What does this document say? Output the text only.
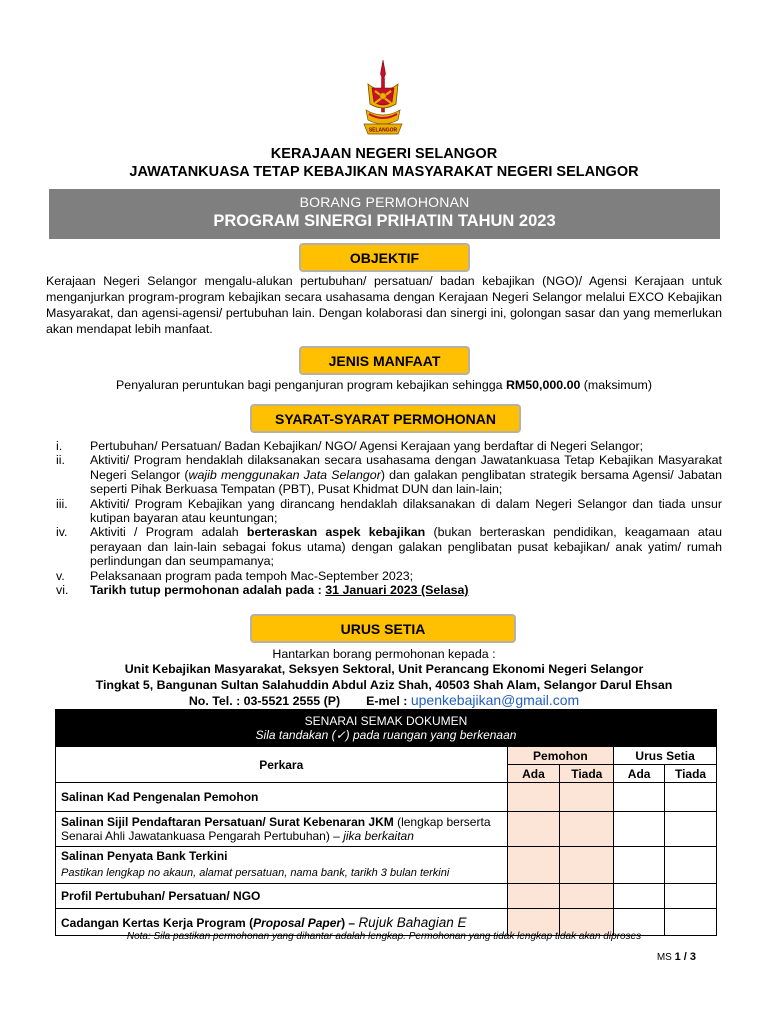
SELANGOR
KERAJAAN NEGERI SELANGOR
JAWATANKUASA TETAP KEBAJIKAN MASYARAKAT NEGERI SELANGOR
BORANG PERMOHONAN
PROGRAM SINERGI PRIHATIN TAHUN 2023
OBJEKTIF
Kerajaan Negeri Selangor mengalu-alukan pertubuhan/ persatuan/ badan kebajikan (NGO)/ Agensi Kerajaan untuk menganjurkan program-program kebajikan secara usahasama dengan Kerajaan Negeri Selangor melalui EXCO Kebajikan Masyarakat, dan agensi-agensi/ pertubuhan lain. Dengan kolaborasi dan sinergi ini, golongan sasar dan yang memerlukan akan mendapat lebih manfaat.
JENIS MANFAAT
Penyaluran peruntukan bagi penganjuran program kebajikan sehingga RM50,000.00 (maksimum)
SYARAT-SYARAT PERMOHONAN
i.	Pertubuhan/ Persatuan/ Badan Kebajikan/ NGO/ Agensi Kerajaan yang berdaftar di Negeri Selangor;
ii.	Aktiviti/ Program hendaklah dilaksanakan secara usahasama dengan Jawatankuasa Tetap Kebajikan Masyarakat Negeri Selangor (wajib menggunakan Jata Selangor) dan galakan penglibatan strategik bersama Agensi/ Jabatan seperti Pihak Berkuasa Tempatan (PBT), Pusat Khidmat DUN dan lain-lain;
iii.	Aktiviti/ Program Kebajikan yang dirancang hendaklah dilaksanakan di dalam Negeri Selangor dan tiada unsur kutipan bayaran atau keuntungan;
iv.	Aktiviti / Program adalah berteraskan aspek kebajikan (bukan berteraskan pendidikan, keagamaan atau perayaan dan lain-lain sebagai fokus utama) dengan galakan penglibatan pusat kebajikan/ anak yatim/ rumah perlindungan dan seumpamanya;
v.	Pelaksanaan program pada tempoh Mac-September 2023;
vi.	Tarikh tutup permohonan adalah pada : 31 Januari 2023 (Selasa)
URUS SETIA
Hantarkan borang permohonan kepada :
Unit Kebajikan Masyarakat, Seksyen Sektoral, Unit Perancang Ekonomi Negeri Selangor
Tingkat 5, Bangunan Sultan Salahuddin Abdul Aziz Shah, 40503 Shah Alam, Selangor Darul Ehsan
No. Tel. : 03-5521 2555 (P) E-mel : upenkebajikan@gmail.com
SENARAI SEMAK DOKUMEN
Sila tandakan (✓) pada ruangan yang berkenaan				

Perkara	Pemohon		Urus Setia	
	Ada	Tiada	Ada	Tiada
Salinan Kad Pengenalan Pemohon				
Salinan Sijil Pendaftaran Persatuan/ Surat Kebenaran JKM (lengkap berserta Senarai Ahli Jawatankuasa Pengarah Pertubuhan) – jika berkaitan				

Salinan Penyata Bank Terkini
Pastikan lengkap no akaun, alamat persatuan, nama bank, tarikh 3 bulan terkini				

Profil Pertubuhan/ Persatuan/ NGO				
Cadangan Kertas Kerja Program (Proposal Paper) – Rujuk Bahagian E				
Nota: Sila pastikan permohonan yang dihantar adalah lengkap. Permohonan yang tidak lengkap tidak akan diproses
MS 1 / 3
